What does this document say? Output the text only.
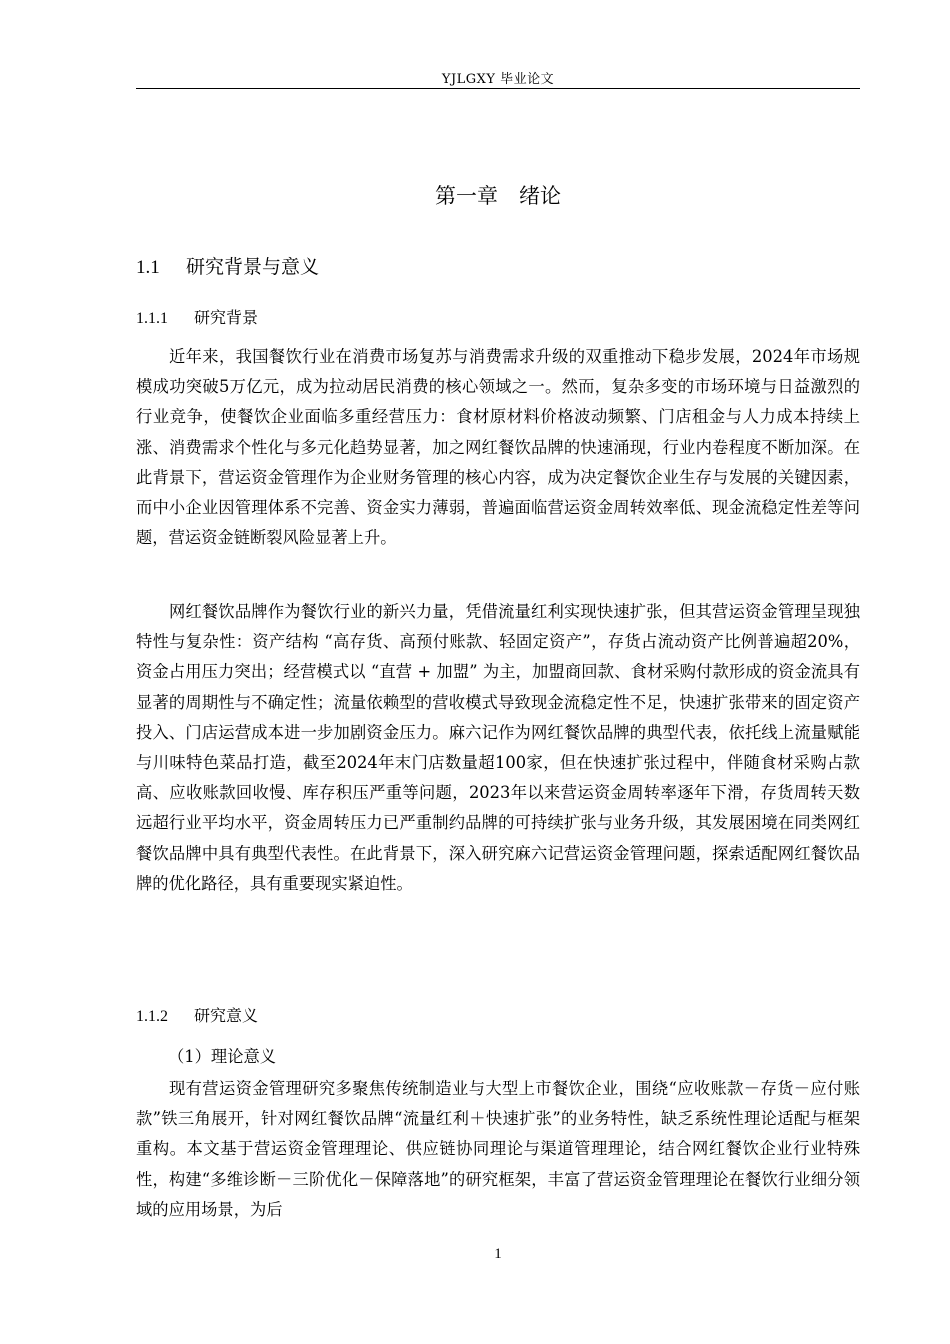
YJLGXY 毕业论文
第一章　绪论
1.1 研究背景与意义
1.1.1 研究背景

近年来，我国餐饮行业在消费市场复苏与消费需求升级的双重推动下稳步发展，2024年市场规模成功突破5万亿元，成为拉动居民消费的核心领域之一。然而，复杂多变的市场环境与日益激烈的行业竞争，使餐饮企业面临多重经营压力：食材原材料价格波动频繁、门店租金与人力成本持续上涨、消费需求个性化与多元化趋势显著，加之网红餐饮品牌的快速涌现，行业内卷程度不断加深。在此背景下，营运资金管理作为企业财务管理的核心内容，成为决定餐饮企业生存与发展的关键因素，而中小企业因管理体系不完善、资金实力薄弱，普遍面临营运资金周转效率低、现金流稳定性差等问题，营运资金链断裂风险显著上升。

网红餐饮品牌作为餐饮行业的新兴力量，凭借流量红利实现快速扩张，但其营运资金管理呈现独特性与复杂性：资产结构 “高存货、高预付账款、轻固定资产”，存货占流动资产比例普遍超20%，资金占用压力突出；经营模式以 “直营 + 加盟” 为主，加盟商回款、食材采购付款形成的资金流具有显著的周期性与不确定性；流量依赖型的营收模式导致现金流稳定性不足，快速扩张带来的固定资产投入、门店运营成本进一步加剧资金压力。麻六记作为网红餐饮品牌的典型代表，依托线上流量赋能与川味特色菜品打造，截至2024年末门店数量超100家，但在快速扩张过程中，伴随食材采购占款高、应收账款回收慢、库存积压严重等问题，2023年以来营运资金周转率逐年下滑，存货周转天数远超行业平均水平，资金周转压力已严重制约品牌的可持续扩张与业务升级，其发展困境在同类网红餐饮品牌中具有典型代表性。在此背景下，深入研究麻六记营运资金管理问题，探索适配网红餐饮品牌的优化路径，具有重要现实紧迫性。

1.1.2 研究意义
（1）理论意义

现有营运资金管理研究多聚焦传统制造业与大型上市餐饮企业，围绕“应收账款－存货－应付账款”铁三角展开，针对网红餐饮品牌“流量红利＋快速扩张”的业务特性，缺乏系统性理论适配与框架重构。本文基于营运资金管理理论、供应链协同理论与渠道管理理论，结合网红餐饮企业行业特殊性，构建“多维诊断－三阶优化－保障落地”的研究框架，丰富了营运资金管理理论在餐饮行业细分领域的应用场景，为后

1
